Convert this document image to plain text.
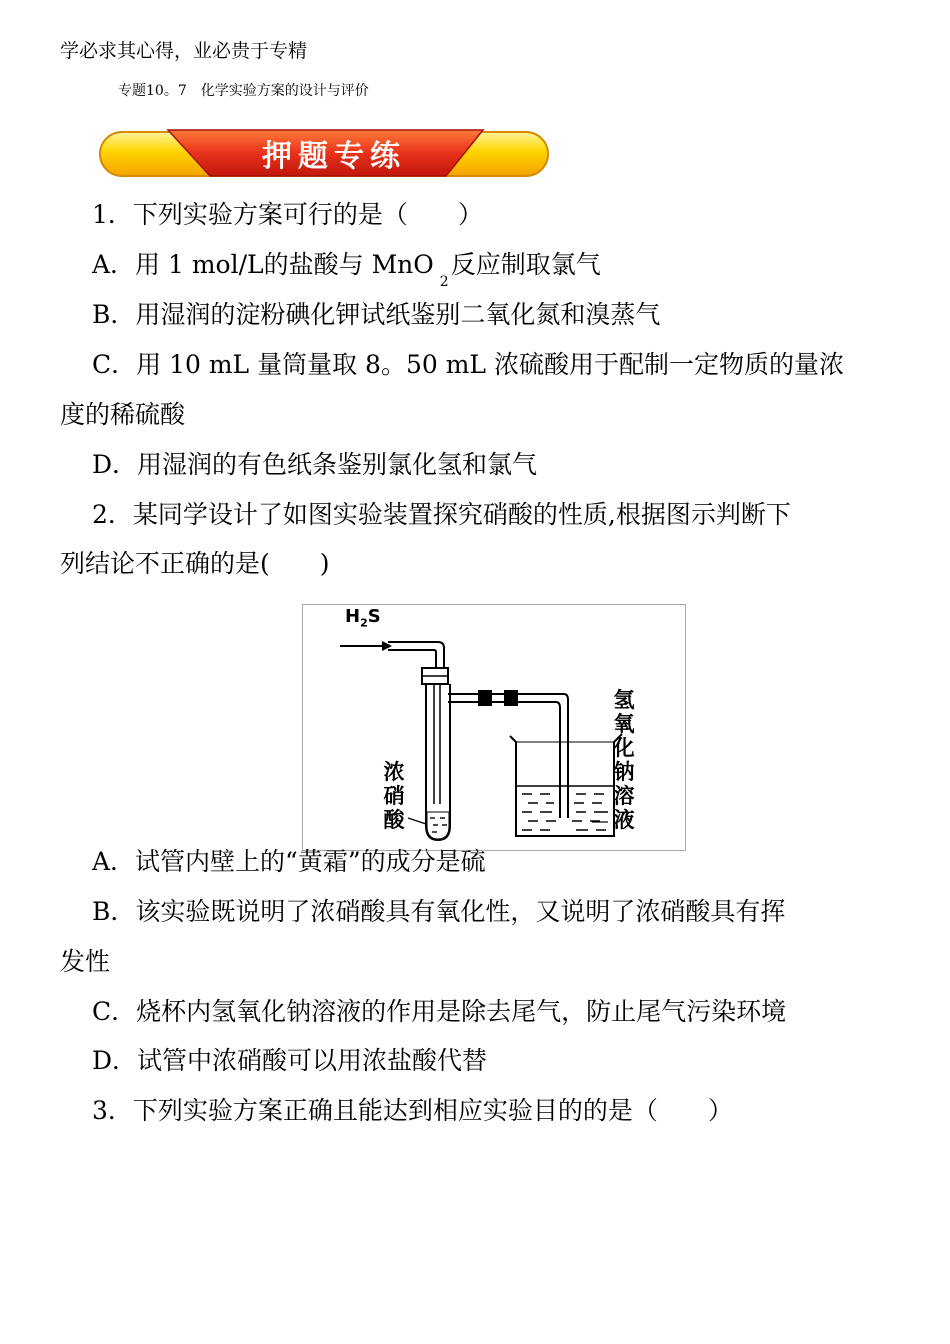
学必求其心得，业必贵于专精
专题10。7　化学实验方案的设计与评价
押题专练
1．下列实验方案可行的是（　　）
A．用 1 mol/L的盐酸与 MnO$_2$反应制取氯气
B．用湿润的淀粉碘化钾试纸鉴别二氧化氮和溴蒸气
C．用 10 mL 量筒量取 8。50 mL 浓硫酸用于配制一定物质的量浓
度的稀硫酸
D．用湿润的有色纸条鉴别氯化氢和氯气
2．某同学设计了如图实验装置探究硝酸的性质,根据图示判断下
列结论不正确的是(　　)
$H_2S$
浓硝酸
氢氧化钠溶液
A．试管内壁上的“黄霜”的成分是硫
B．该实验既说明了浓硝酸具有氧化性，又说明了浓硝酸具有挥
发性
C．烧杯内氢氧化钠溶液的作用是除去尾气，防止尾气污染环境
D．试管中浓硝酸可以用浓盐酸代替
3．下列实验方案正确且能达到相应实验目的的是（　　）
